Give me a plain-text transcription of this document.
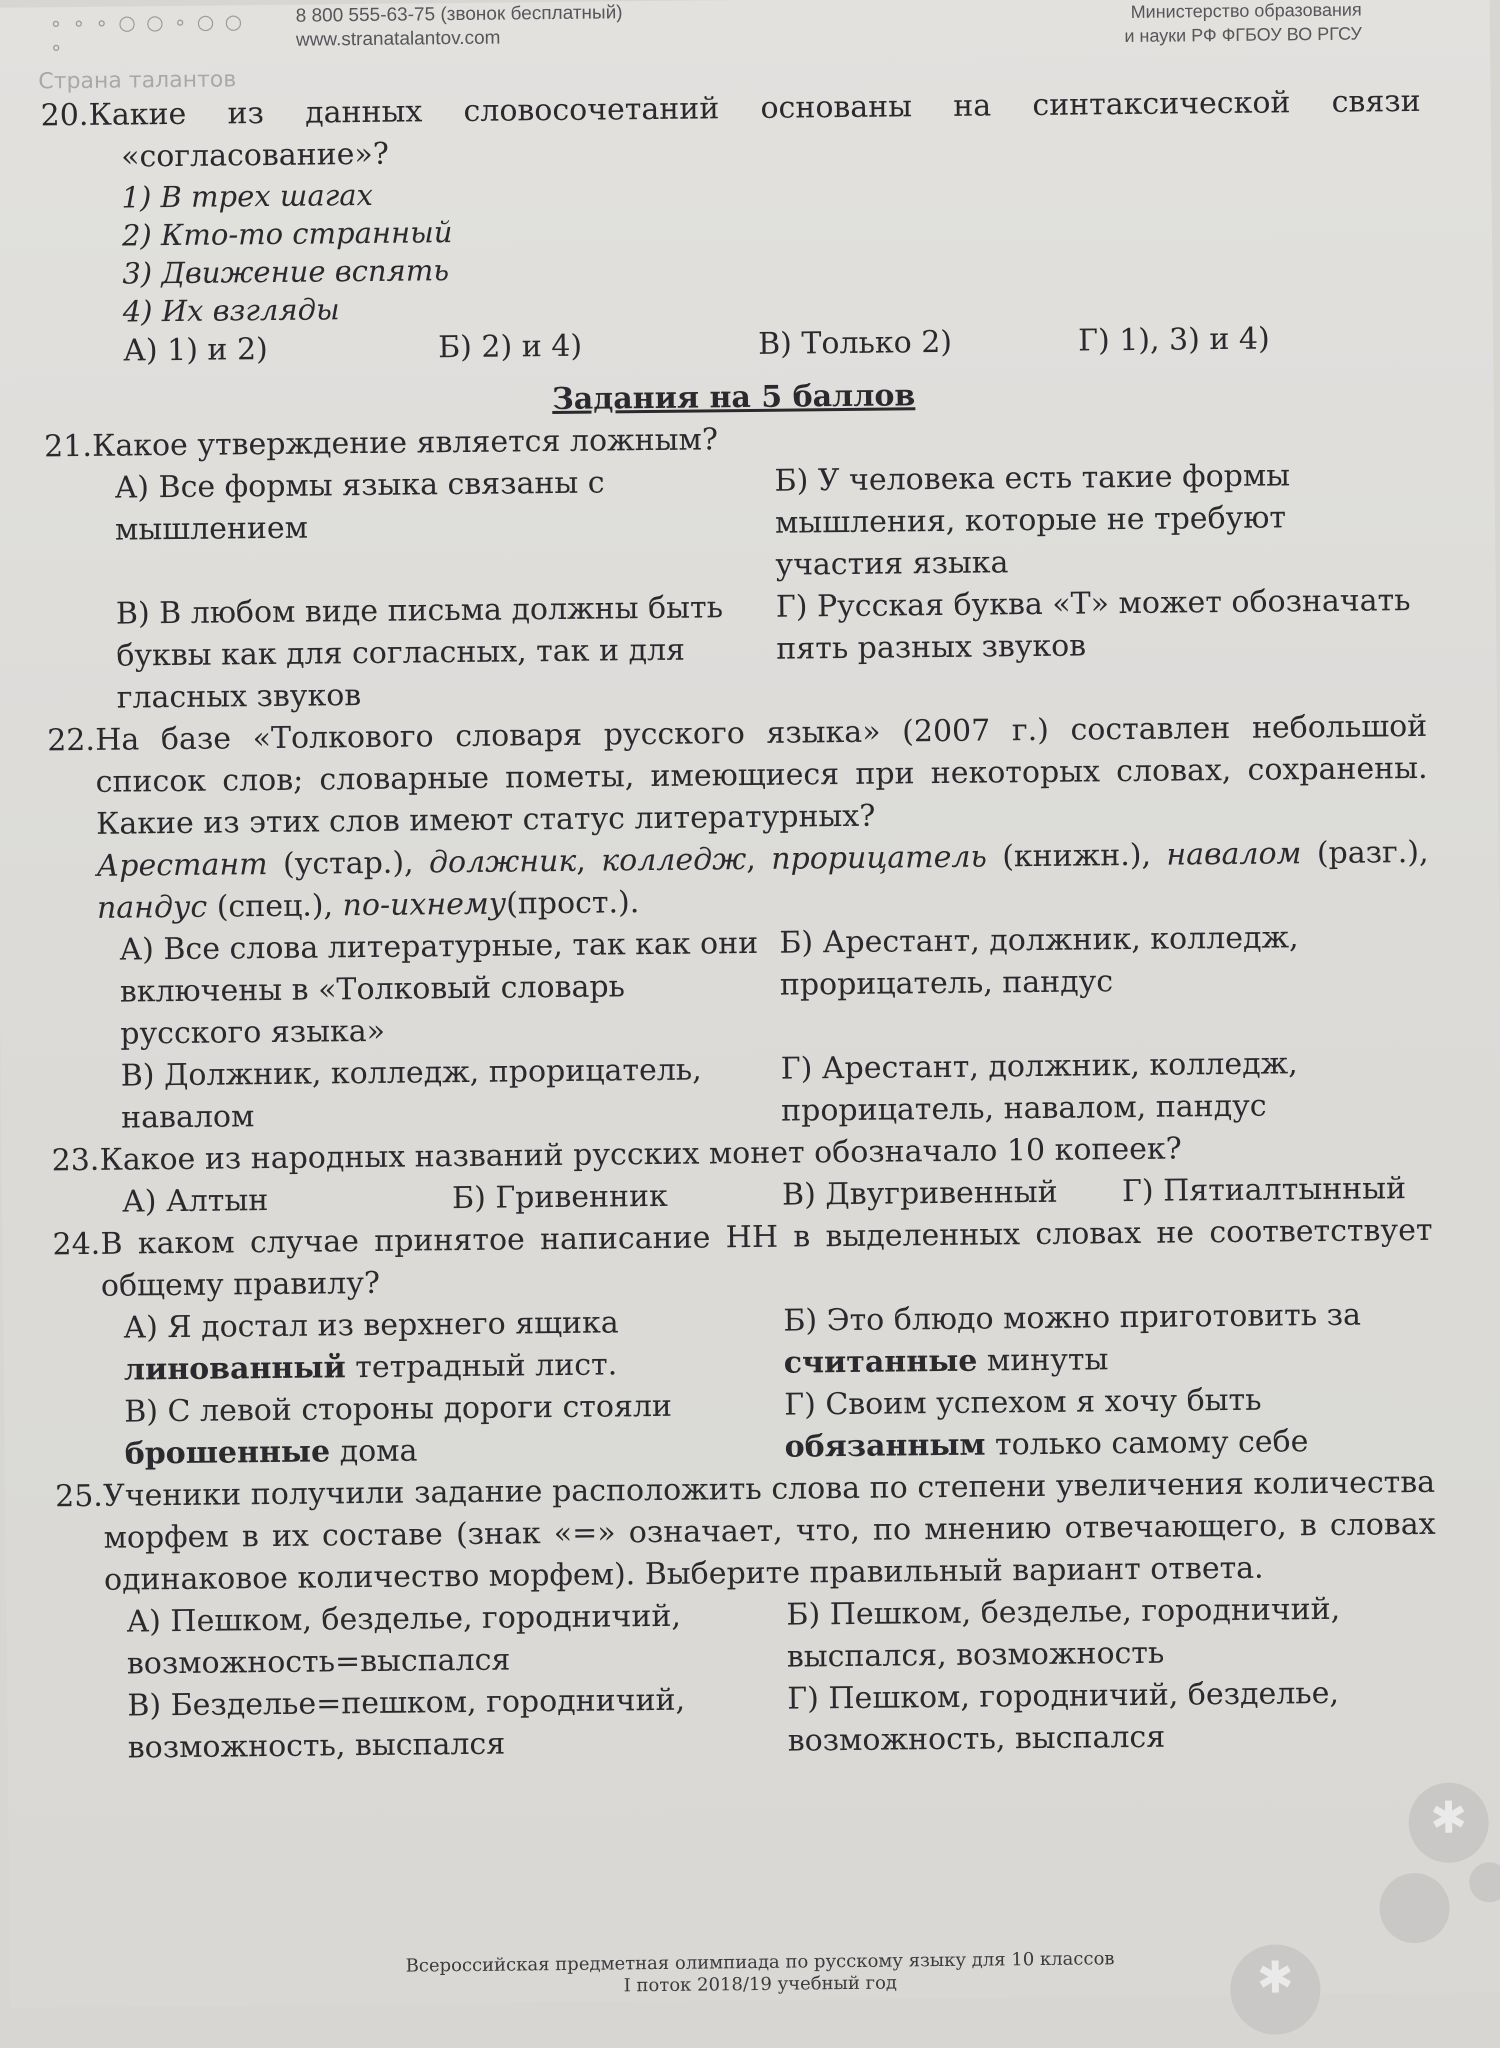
∘ ∘ ∘ ○ ○ ∘ ○ ○ ∘
Страна талантов
8 800 555-63-75 (звонок бесплатный)
www.stranatalantov.com
Министерство образования
и науки РФ ФГБОУ ВО РГСУ
20. Какие из данных словосочетаний основаны на синтаксической связи
«согласование»?
1) В трех шагах
2) Кто-то странный
3) Движение вспять
4) Их взгляды
А) 1) и 2)	Б) 2) и 4)	В) Только 2)	Г) 1), 3) и 4)
Задания на 5 баллов
21. Какое утверждение является ложным?
А) Все формы языка связаны с мышлением
Б) У человека есть такие формы мышления, которые не требуют участия языка
В) В любом виде письма должны быть буквы как для согласных, так и для гласных звуков
Г) Русская буква «Т» может обозначать пять разных звуков
22. На базе «Толкового словаря русского языка» (2007 г.) составлен небольшой список слов; словарные пометы, имеющиеся при некоторых словах, сохранены. Какие из этих слов имеют статус литературных?
Арестант (устар.), должник, колледж, прорицатель (книжн.), навалом (разг.), пандус (спец.), по-ихнему(прост.).
А) Все слова литературные, так как они включены в «Толковый словарь русского языка»
Б) Арестант, должник, колледж, прорицатель, пандус
В) Должник, колледж, прорицатель, навалом
Г) Арестант, должник, колледж, прорицатель, навалом, пандус
23. Какое из народных названий русских монет обозначало 10 копеек?
А) Алтын	Б) Гривенник	В) Двугривенный	Г) Пятиалтынный
24. В каком случае принятое написание НН в выделенных словах не соответствует общему правилу?
А) Я достал из верхнего ящика линованный тетрадный лист.
Б) Это блюдо можно приготовить за считанные минуты
В) С левой стороны дороги стояли брошенные дома
Г) Своим успехом я хочу быть обязанным только самому себе
25. Ученики получили задание расположить слова по степени увеличения количества морфем в их составе (знак «=» означает, что, по мнению отвечающего, в словах одинаковое количество морфем). Выберите правильный вариант ответа.
А) Пешком, безделье, городничий, возможность=выспался
Б) Пешком, безделье, городничий, выспался, возможность
В) Безделье=пешком, городничий, возможность, выспался
Г) Пешком, городничий, безделье, возможность, выспался
✱
✱
Всероссийская предметная олимпиада по русскому языку для 10 классов
I поток 2018/19 учебный год
